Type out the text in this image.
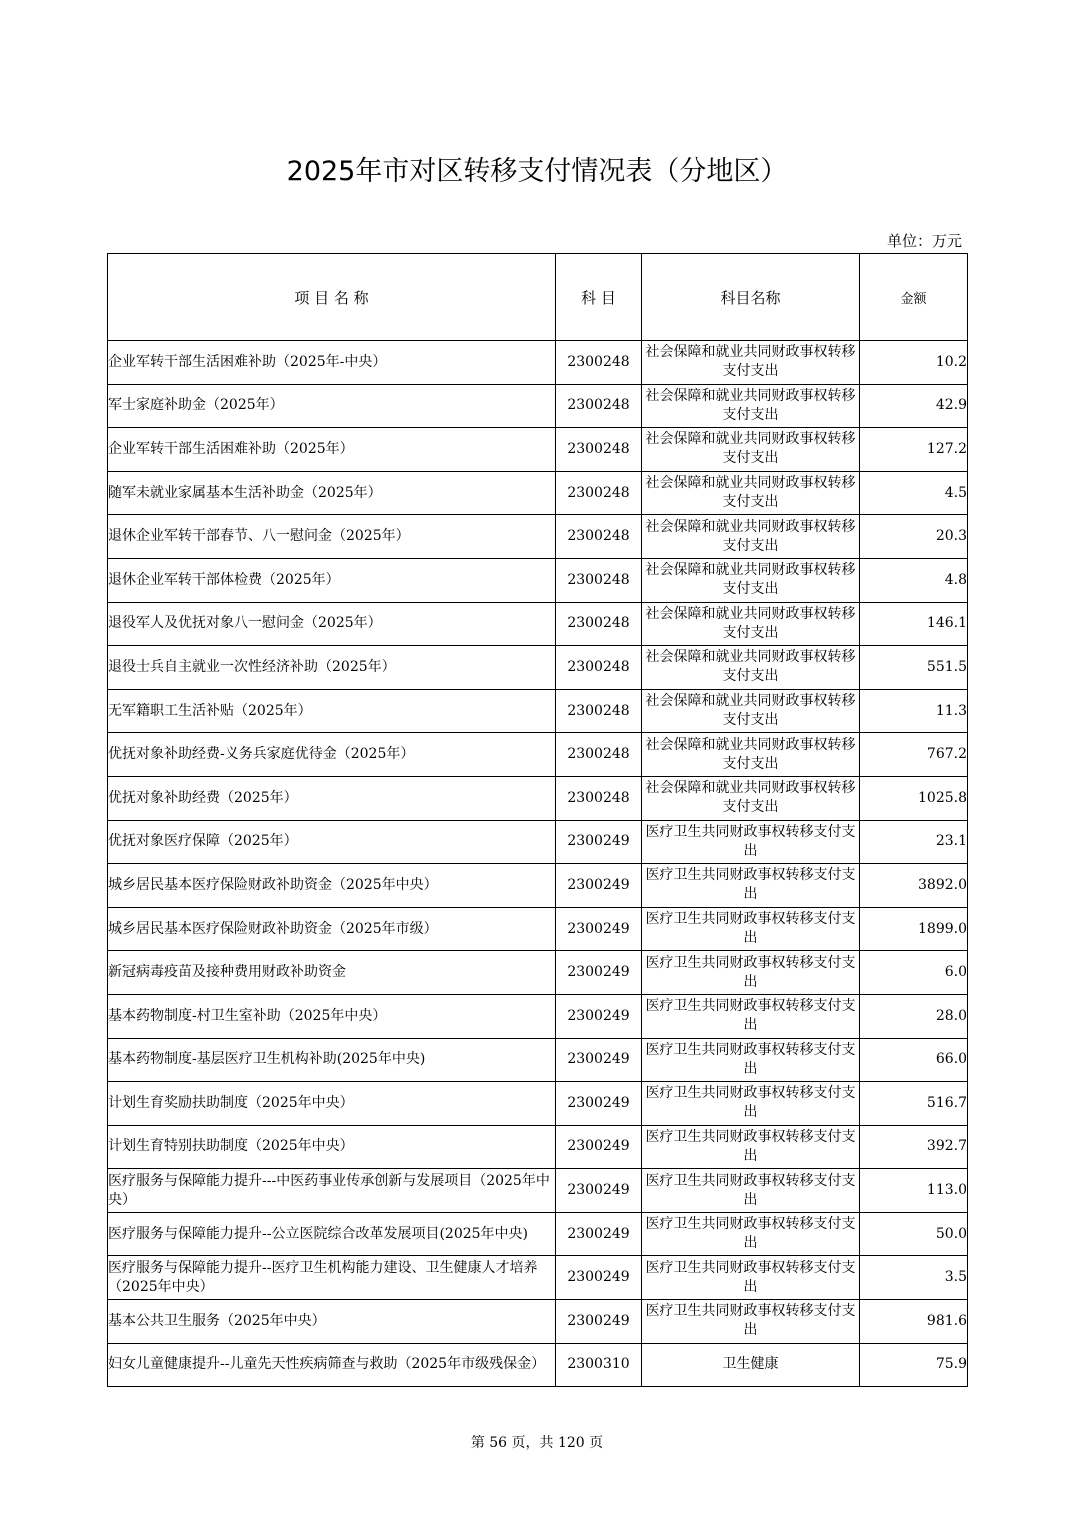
2025年市对区转移支付情况表（分地区）
单位：万元
项 目 名 称	科 目	科目名称	金额
企业军转干部生活困难补助（2025年-中央）	2300248	社会保障和就业共同财政事权转移支付支出	10.2
军士家庭补助金（2025年）	2300248	社会保障和就业共同财政事权转移支付支出	42.9
企业军转干部生活困难补助（2025年）	2300248	社会保障和就业共同财政事权转移支付支出	127.2
随军未就业家属基本生活补助金（2025年）	2300248	社会保障和就业共同财政事权转移支付支出	4.5
退休企业军转干部春节、八一慰问金（2025年）	2300248	社会保障和就业共同财政事权转移支付支出	20.3
退休企业军转干部体检费（2025年）	2300248	社会保障和就业共同财政事权转移支付支出	4.8
退役军人及优抚对象八一慰问金（2025年）	2300248	社会保障和就业共同财政事权转移支付支出	146.1
退役士兵自主就业一次性经济补助（2025年）	2300248	社会保障和就业共同财政事权转移支付支出	551.5
无军籍职工生活补贴（2025年）	2300248	社会保障和就业共同财政事权转移支付支出	11.3
优抚对象补助经费-义务兵家庭优待金（2025年）	2300248	社会保障和就业共同财政事权转移支付支出	767.2
优抚对象补助经费（2025年）	2300248	社会保障和就业共同财政事权转移支付支出	1025.8
优抚对象医疗保障（2025年）	2300249	医疗卫生共同财政事权转移支付支出	23.1
城乡居民基本医疗保险财政补助资金（2025年中央）	2300249	医疗卫生共同财政事权转移支付支出	3892.0
城乡居民基本医疗保险财政补助资金（2025年市级）	2300249	医疗卫生共同财政事权转移支付支出	1899.0
新冠病毒疫苗及接种费用财政补助资金	2300249	医疗卫生共同财政事权转移支付支出	6.0
基本药物制度-村卫生室补助（2025年中央）	2300249	医疗卫生共同财政事权转移支付支出	28.0
基本药物制度-基层医疗卫生机构补助(2025年中央)	2300249	医疗卫生共同财政事权转移支付支出	66.0
计划生育奖励扶助制度（2025年中央）	2300249	医疗卫生共同财政事权转移支付支出	516.7
计划生育特别扶助制度（2025年中央）	2300249	医疗卫生共同财政事权转移支付支出	392.7
医疗服务与保障能力提升---中医药事业传承创新与发展项目（2025年中央）	2300249	医疗卫生共同财政事权转移支付支出	113.0
医疗服务与保障能力提升--公立医院综合改革发展项目(2025年中央)	2300249	医疗卫生共同财政事权转移支付支出	50.0
医疗服务与保障能力提升--医疗卫生机构能力建设、卫生健康人才培养（2025年中央）	2300249	医疗卫生共同财政事权转移支付支出	3.5
基本公共卫生服务（2025年中央）	2300249	医疗卫生共同财政事权转移支付支出	981.6
妇女儿童健康提升--儿童先天性疾病筛查与救助（2025年市级残保金）	2300310	卫生健康	75.9
第 56 页，共 120 页
